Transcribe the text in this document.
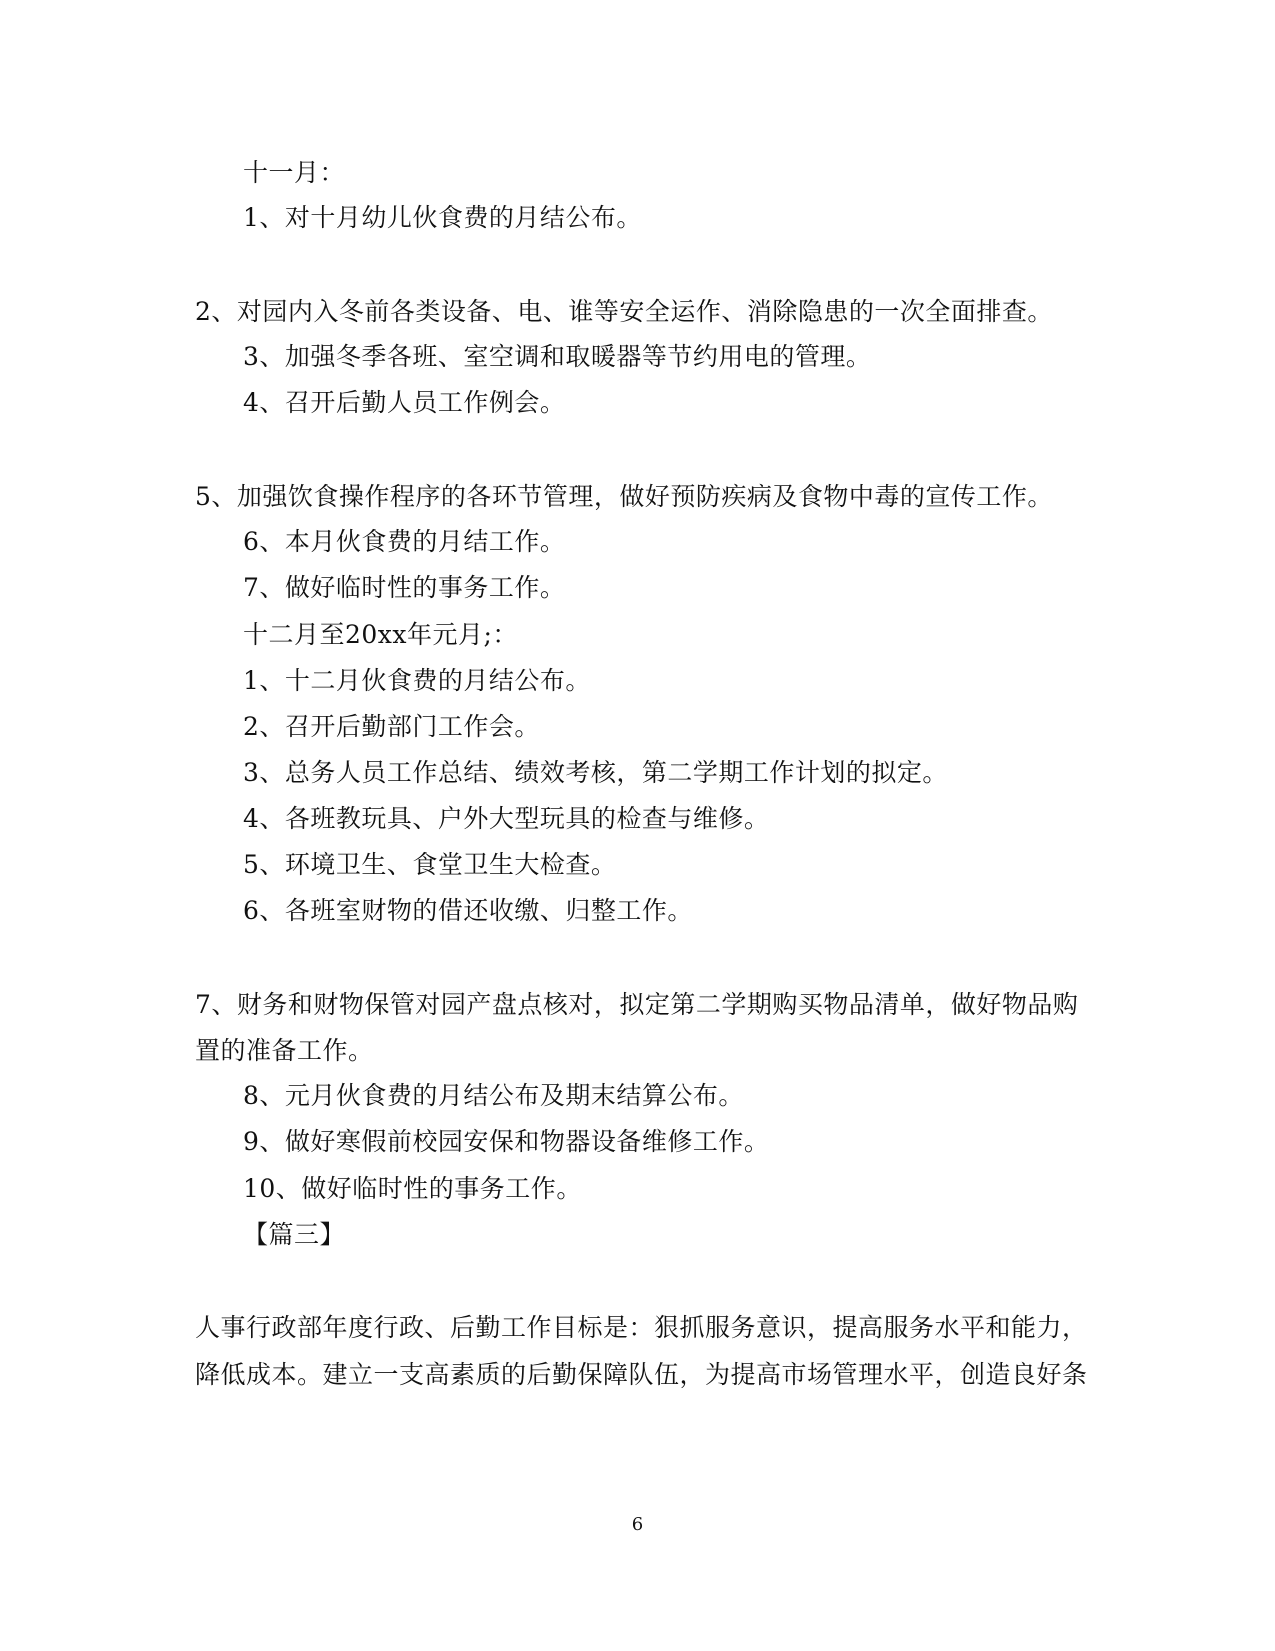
十一月：
1、对十月幼儿伙食费的月结公布。
2、对园内入冬前各类设备、电、谁等安全运作、消除隐患的一次全面排查。
3、加强冬季各班、室空调和取暖器等节约用电的管理。
4、召开后勤人员工作例会。
5、加强饮食操作程序的各环节管理，做好预防疾病及食物中毒的宣传工作。
6、本月伙食费的月结工作。
7、做好临时性的事务工作。
十二月至20xx年元月;：
1、十二月伙食费的月结公布。
2、召开后勤部门工作会。
3、总务人员工作总结、绩效考核，第二学期工作计划的拟定。
4、各班教玩具、户外大型玩具的检查与维修。
5、环境卫生、食堂卫生大检查。
6、各班室财物的借还收缴、归整工作。
7、财务和财物保管对园产盘点核对，拟定第二学期购买物品清单，做好物品购
置的准备工作。
8、元月伙食费的月结公布及期末结算公布。
9、做好寒假前校园安保和物器设备维修工作。
10、做好临时性的事务工作。
【篇三】
人事行政部年度行政、后勤工作目标是：狠抓服务意识，提高服务水平和能力，
降低成本。建立一支高素质的后勤保障队伍，为提高市场管理水平，创造良好条
6
